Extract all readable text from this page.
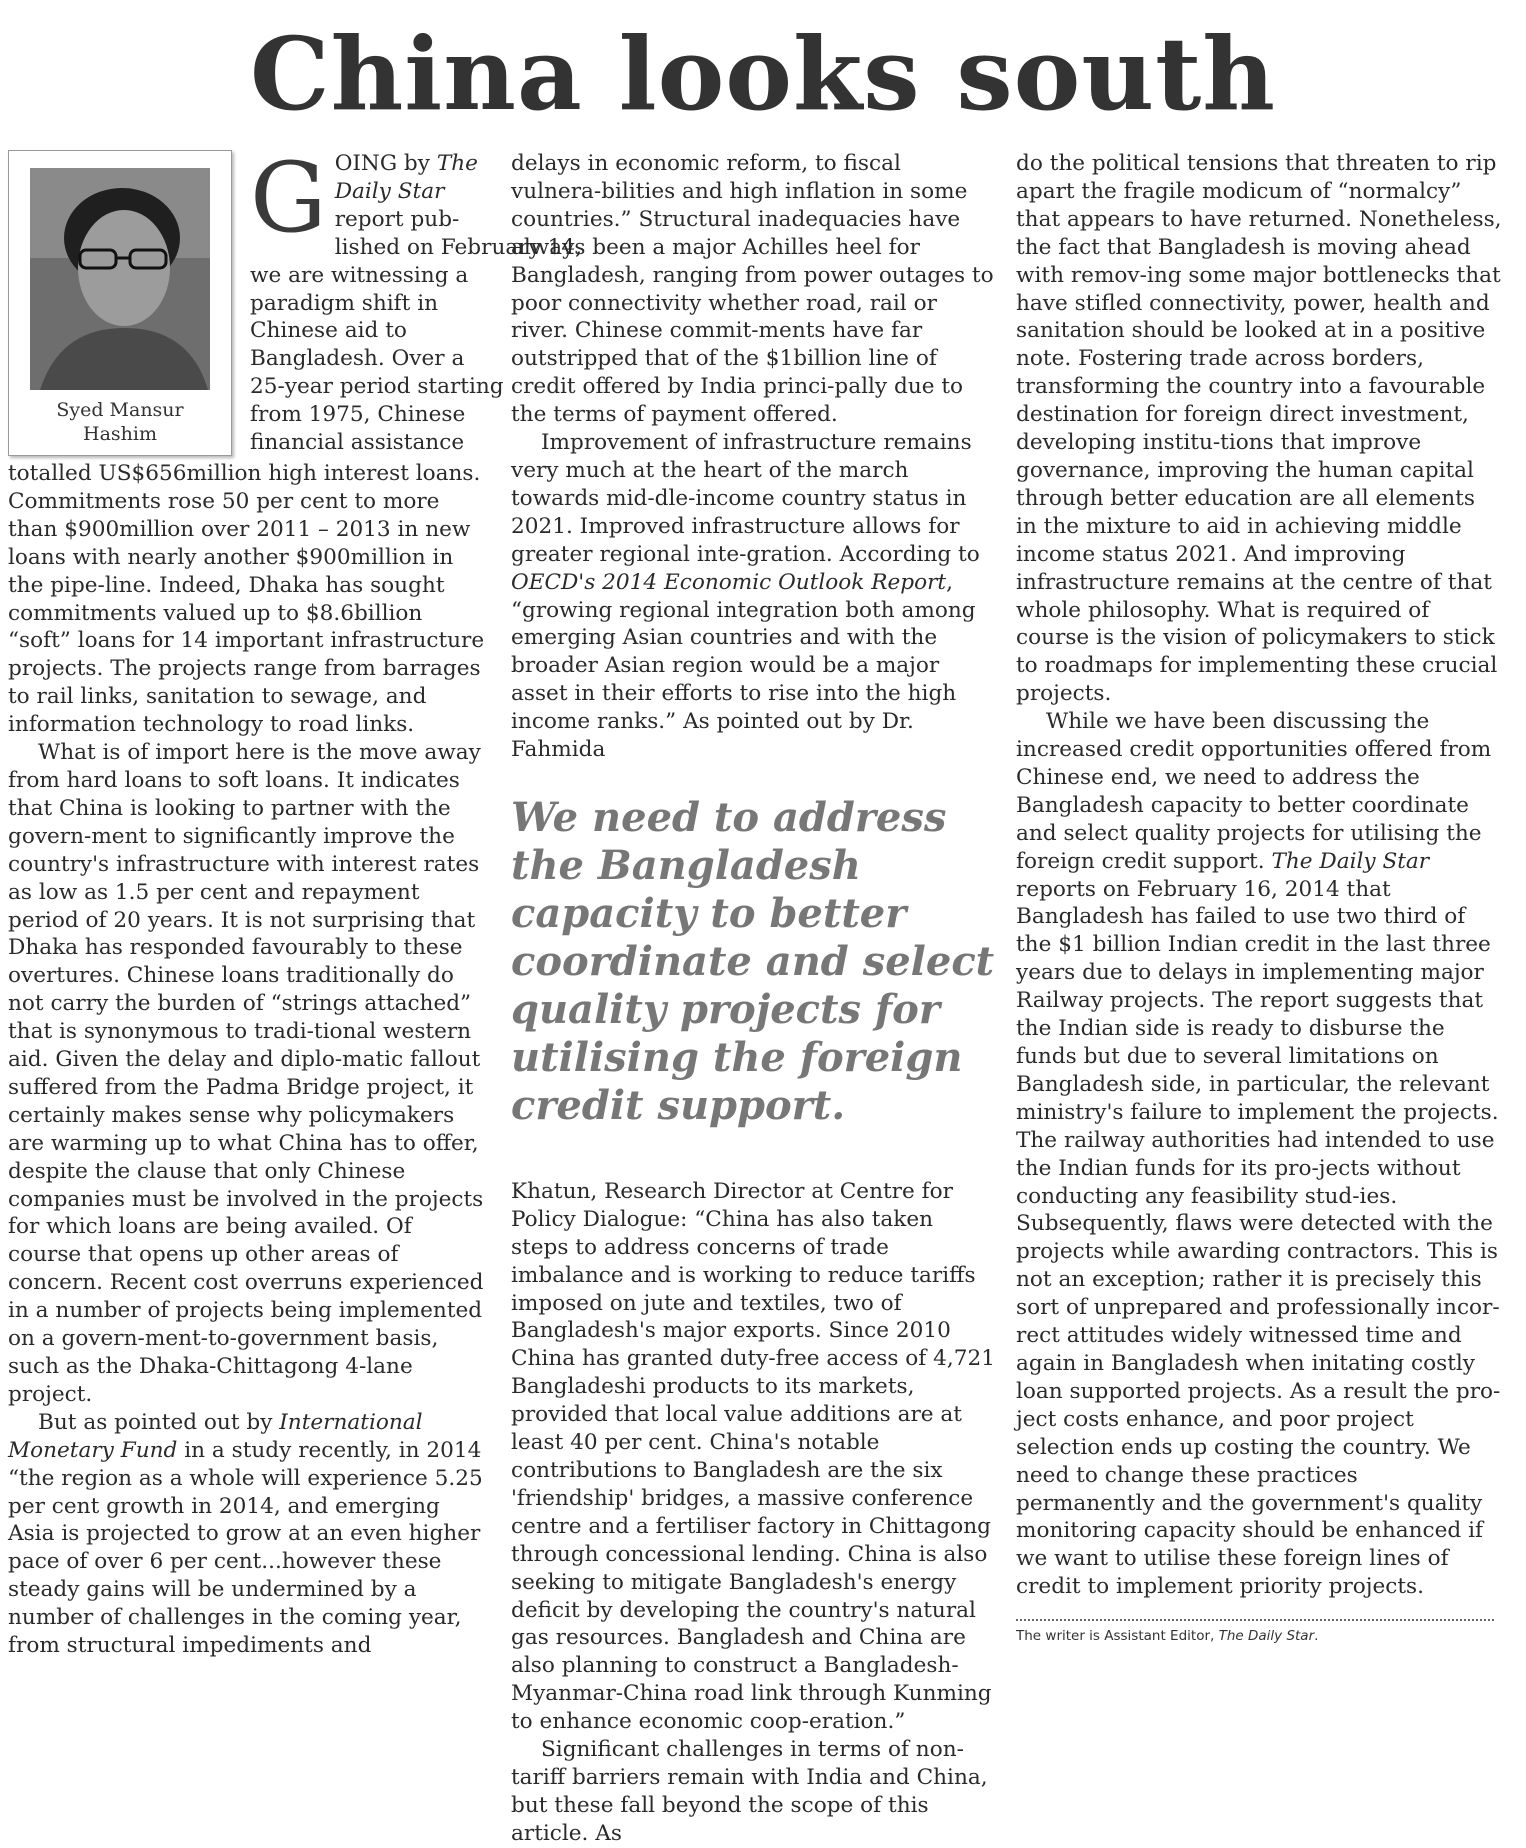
China looks south
Syed Mansur
Hashim
G OING by The
Daily Star
report pub-
lished on February 14,
we are witnessing a
paradigm shift in
Chinese aid to
Bangladesh. Over a
25-year period starting
from 1975, Chinese
financial assistance

totalled US$656million high interest loans. Commitments rose 50 per cent to more than $900million over 2011 – 2013 in new loans with nearly another $900million in the pipe-line. Indeed, Dhaka has sought commitments valued up to $8.6billion “soft” loans for 14 important infrastructure projects. The projects range from barrages to rail links, sanitation to sewage, and information technology to road links.

What is of import here is the move away from hard loans to soft loans. It indicates that China is looking to partner with the govern-ment to significantly improve the country's infrastructure with interest rates as low as 1.5 per cent and repayment period of 20 years. It is not surprising that Dhaka has responded favourably to these overtures. Chinese loans traditionally do not carry the burden of “strings attached” that is synonymous to tradi-tional western aid. Given the delay and diplo-matic fallout suffered from the Padma Bridge project, it certainly makes sense why policymakers are warming up to what China has to offer, despite the clause that only Chinese companies must be involved in the projects for which loans are being availed. Of course that opens up other areas of concern. Recent cost overruns experienced in a number of projects being implemented on a govern-ment-to-government basis, such as the Dhaka-Chittagong 4-lane project.

But as pointed out by International Monetary Fund in a study recently, in 2014 “the region as a whole will experience 5.25 per cent growth in 2014, and emerging Asia is projected to grow at an even higher pace of over 6 per cent...however these steady gains will be undermined by a number of challenges in the coming year, from structural impediments and

delays in economic reform, to fiscal vulnera-bilities and high inflation in some countries.” Structural inadequacies have always been a major Achilles heel for Bangladesh, ranging from power outages to poor connectivity whether road, rail or river. Chinese commit-ments have far outstripped that of the $1billion line of credit offered by India princi-pally due to the terms of payment offered.

Improvement of infrastructure remains very much at the heart of the march towards mid-dle-income country status in 2021. Improved infrastructure allows for greater regional inte-gration. According to OECD's 2014 Economic Outlook Report, “growing regional integration both among emerging Asian countries and with the broader Asian region would be a major asset in their efforts to rise into the high income ranks.” As pointed out by Dr. Fahmida

We need to address the Bangladesh capacity to better coordinate and select quality projects for utilising the foreign credit support.

Khatun, Research Director at Centre for Policy Dialogue: “China has also taken steps to address concerns of trade imbalance and is working to reduce tariffs imposed on jute and textiles, two of Bangladesh's major exports. Since 2010 China has granted duty-free access of 4,721 Bangladeshi products to its markets, provided that local value additions are at least 40 per cent. China's notable contributions to Bangladesh are the six 'friendship' bridges, a massive conference centre and a fertiliser factory in Chittagong through concessional lending. China is also seeking to mitigate Bangladesh's energy deficit by developing the country's natural gas resources. Bangladesh and China are also planning to construct a Bangladesh-Myanmar-China road link through Kunming to enhance economic coop-eration.”

Significant challenges in terms of non-tariff barriers remain with India and China, but these fall beyond the scope of this article. As

do the political tensions that threaten to rip apart the fragile modicum of “normalcy” that appears to have returned. Nonetheless, the fact that Bangladesh is moving ahead with remov-ing some major bottlenecks that have stifled connectivity, power, health and sanitation should be looked at in a positive note. Fostering trade across borders, transforming the country into a favourable destination for foreign direct investment, developing institu-tions that improve governance, improving the human capital through better education are all elements in the mixture to aid in achieving middle income status 2021. And improving infrastructure remains at the centre of that whole philosophy. What is required of course is the vision of policymakers to stick to roadmaps for implementing these crucial projects.

While we have been discussing the increased credit opportunities offered from Chinese end, we need to address the Bangladesh capacity to better coordinate and select quality projects for utilising the foreign credit support. The Daily Star reports on February 16, 2014 that Bangladesh has failed to use two third of the $1 billion Indian credit in the last three years due to delays in implementing major Railway projects. The report suggests that the Indian side is ready to disburse the funds but due to several limitations on Bangladesh side, in particular, the relevant ministry's failure to implement the projects. The railway authorities had intended to use the Indian funds for its pro-jects without conducting any feasibility stud-ies. Subsequently, flaws were detected with the projects while awarding contractors. This is not an exception; rather it is precisely this sort of unprepared and professionally incor-rect attitudes widely witnessed time and again in Bangladesh when initating costly loan supported projects. As a result the pro-ject costs enhance, and poor project selection ends up costing the country. We need to change these practices permanently and the government's quality monitoring capacity should be enhanced if we want to utilise these foreign lines of credit to implement priority projects.

The writer is Assistant Editor, The Daily Star.
